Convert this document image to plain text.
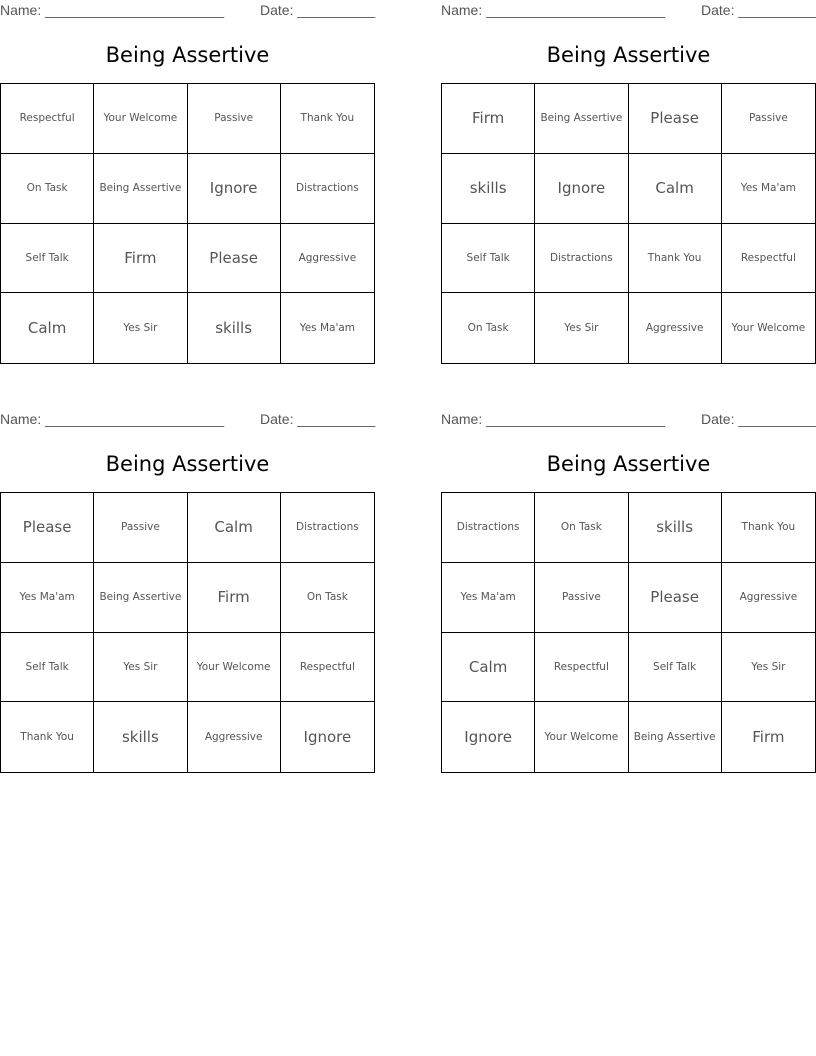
Name: _______________________	Date: __________
Being Assertive
Respectful	Your Welcome	Passive	Thank You
On Task	Being Assertive	Ignore	Distractions
Self Talk	Firm	Please	Aggressive
Calm	Yes Sir	skills	Yes Ma'am
Name: _______________________	Date: __________
Being Assertive
Firm	Being Assertive	Please	Passive
skills	Ignore	Calm	Yes Ma'am
Self Talk	Distractions	Thank You	Respectful
On Task	Yes Sir	Aggressive	Your Welcome
Name: _______________________	Date: __________
Being Assertive
Please	Passive	Calm	Distractions
Yes Ma'am	Being Assertive	Firm	On Task
Self Talk	Yes Sir	Your Welcome	Respectful
Thank You	skills	Aggressive	Ignore
Name: _______________________	Date: __________
Being Assertive
Distractions	On Task	skills	Thank You
Yes Ma'am	Passive	Please	Aggressive
Calm	Respectful	Self Talk	Yes Sir
Ignore	Your Welcome	Being Assertive	Firm
